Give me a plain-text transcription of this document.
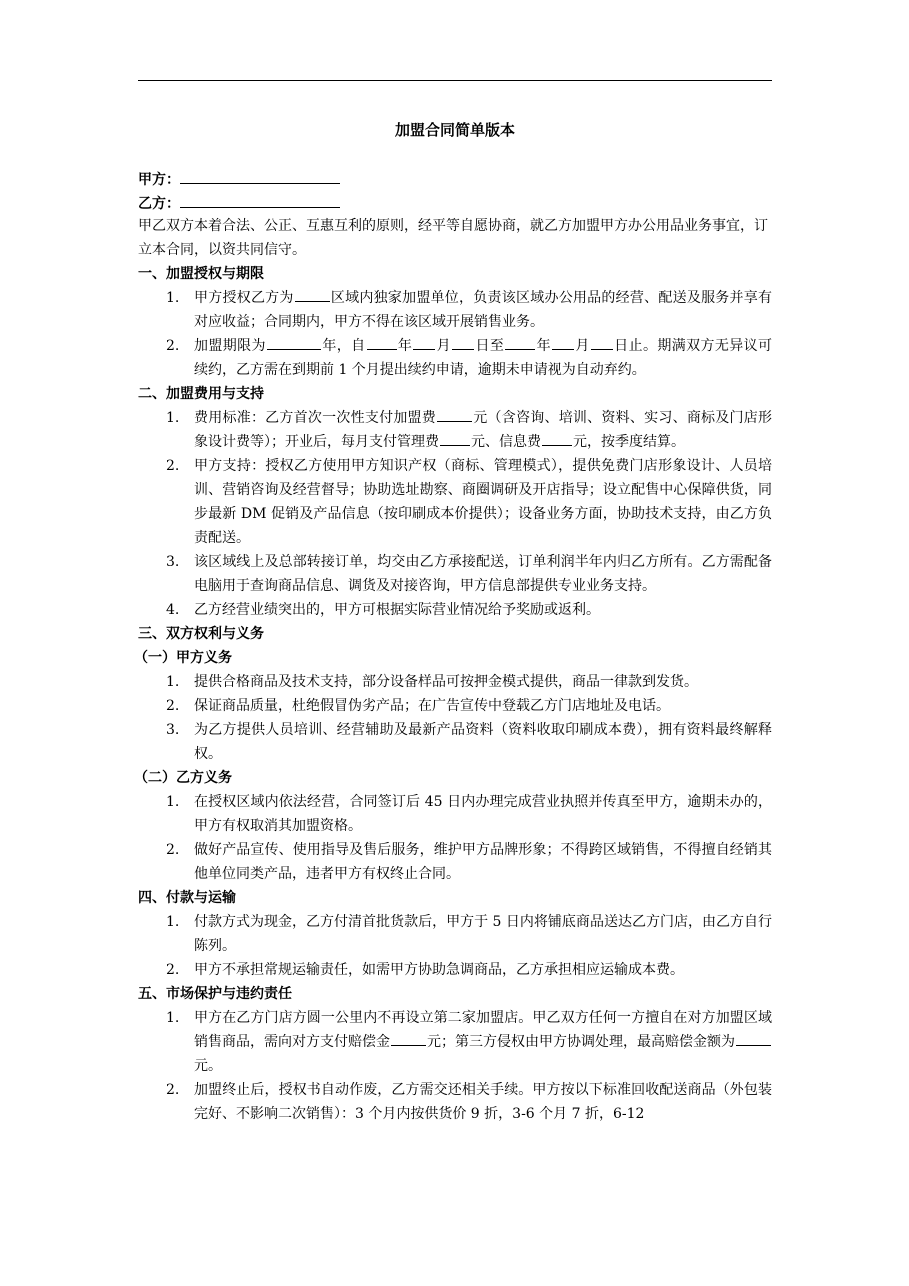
加盟合同简单版本
甲方：
乙方：
甲乙双方本着合法、公正、互惠互利的原则，经平等自愿协商，就乙方加盟甲方办公用品业务事宜，订立本合同，以资共同信守。
一、加盟授权与期限
1.	甲方授权乙方为	区域内独家加盟单位，负责该区域办公用品的经营、配送及服务并享有对应收益；合同期内，甲方不得在该区域开展销售业务。
2.	加盟期限为	年，自 年 月 日至 年 月 日止。期满双方无异议可续约，乙方需在到期前 1 个月提出续约申请，逾期未申请视为自动弃约。
二、加盟费用与支持
1.	费用标准：乙方首次一次性支付加盟费	元（含咨询、培训、资料、实习、商标及门店形象设计费等）；开业后，每月支付管理费 元、信息费 元，按季度结算。
2.	甲方支持：授权乙方使用甲方知识产权（商标、管理模式），提供免费门店形象设计、人员培训、营销咨询及经营督导；协助选址勘察、商圈调研及开店指导；设立配售中心保障供货，同步最新 DM 促销及产品信息（按印刷成本价提供）；设备业务方面，协助技术支持，由乙方负责配送。
3.	该区域线上及总部转接订单，均交由乙方承接配送，订单利润半年内归乙方所有。乙方需配备电脑用于查询商品信息、调货及对接咨询，甲方信息部提供专业业务支持。
4.	乙方经营业绩突出的，甲方可根据实际营业情况给予奖励或返利。
三、双方权利与义务
（一）甲方义务
1.	提供合格商品及技术支持，部分设备样品可按押金模式提供，商品一律款到发货。
2.	保证商品质量，杜绝假冒伪劣产品；在广告宣传中登载乙方门店地址及电话。
3.	为乙方提供人员培训、经营辅助及最新产品资料（资料收取印刷成本费），拥有资料最终解释权。
（二）乙方义务
1.	在授权区域内依法经营，合同签订后 45 日内办理完成营业执照并传真至甲方，逾期未办的，甲方有权取消其加盟资格。
2.	做好产品宣传、使用指导及售后服务，维护甲方品牌形象；不得跨区域销售，不得擅自经销其他单位同类产品，违者甲方有权终止合同。
四、付款与运输
1.	付款方式为现金，乙方付清首批货款后，甲方于 5 日内将铺底商品送达乙方门店，由乙方自行陈列。
2.	甲方不承担常规运输责任，如需甲方协助急调商品，乙方承担相应运输成本费。
五、市场保护与违约责任
1.	甲方在乙方门店方圆一公里内不再设立第二家加盟店。甲乙双方任何一方擅自在对方加盟区域销售商品，需向对方支付赔偿金	元；第三方侵权由甲方协调处理，最高赔偿金额为元。
2.	加盟终止后，授权书自动作废，乙方需交还相关手续。甲方按以下标准回收配送商品（外包装完好、不影响二次销售）：3 个月内按供货价 9 折，3-6 个月 7 折，6-12
